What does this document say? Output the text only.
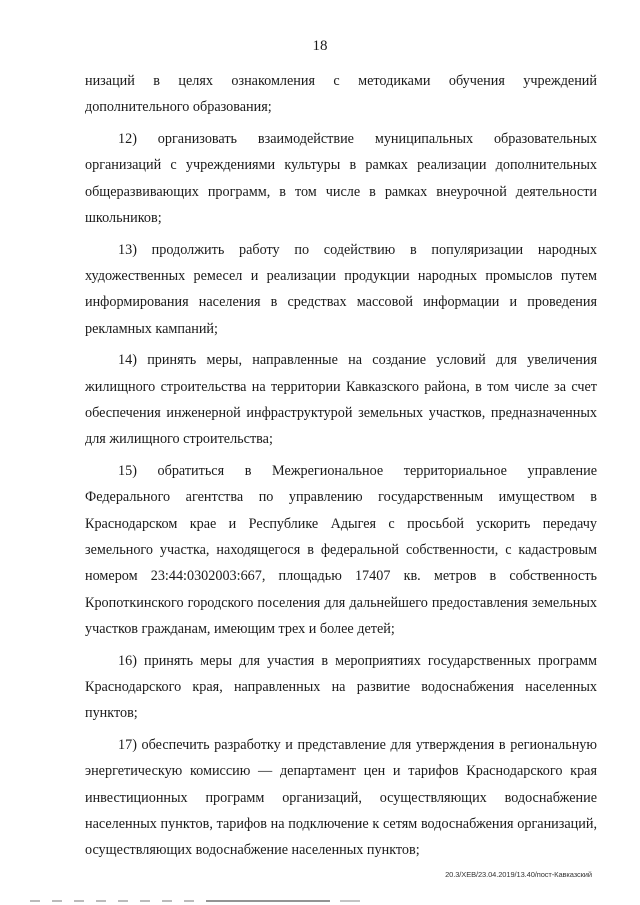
18

низаций в целях ознакомления с методиками обучения учреждений дополнительного образования;

12) организовать взаимодействие муниципальных образовательных организаций с учреждениями культуры в рамках реализации дополнительных общеразвивающих программ, в том числе в рамках внеурочной деятельности школьников;

13) продолжить работу по содействию в популяризации народных художественных ремесел и реализации продукции народных промыслов путем информирования населения в средствах массовой информации и проведения рекламных кампаний;

14) принять меры, направленные на создание условий для увеличения жилищного строительства на территории Кавказского района, в том числе за счет обеспечения инженерной инфраструктурой земельных участков, предназначенных для жилищного строительства;

15) обратиться в Межрегиональное территориальное управление Федерального агентства по управлению государственным имуществом в Краснодарском крае и Республике Адыгея с просьбой ускорить передачу земельного участка, находящегося в федеральной собственности, с кадастровым номером 23:44:0302003:667, площадью 17407 кв. метров в собственность Кропоткинского городского поселения для дальнейшего предоставления земельных участков гражданам, имеющим трех и более детей;

16) принять меры для участия в мероприятиях государственных программ Краснодарского края, направленных на развитие водоснабжения населенных пунктов;

17) обеспечить разработку и представление для утверждения в региональную энергетическую комиссию — департамент цен и тарифов Краснодарского края инвестиционных программ организаций, осуществляющих водоснабжение населенных пунктов, тарифов на подключение к сетям водоснабжения организаций, осуществляющих водоснабжение населенных пунктов;

20.3/ХЕВ/23.04.2019/13.40/пост-Кавказский
